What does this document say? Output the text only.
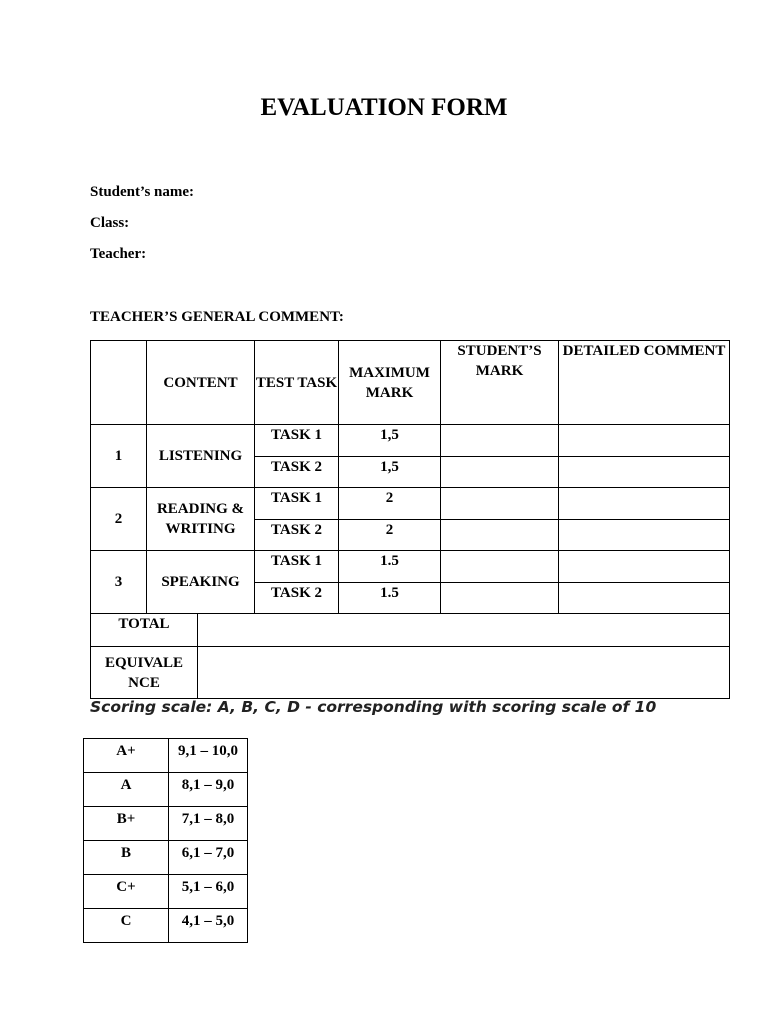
EVALUATION FORM
Student’s name:
Class:
Teacher:
TEACHER’S GENERAL COMMENT:
	CONTENT		TEST TASK	MAXIMUM MARK	STUDENT’S MARK	DETAILED COMMENT
1	LISTENING		TASK 1	1,5		
			TASK 2	1,5		
2	READING & WRITING		TASK 1	2		
			TASK 2	2		
3	SPEAKING		TASK 1	1.5		
			TASK 2	1.5		
TOTAL						
EQUIVALE NCE						
Scoring scale: A, B, C, D - corresponding with scoring scale of 10
A+	9,1 – 10,0
A	8,1 – 9,0
B+	7,1 – 8,0
B	6,1 – 7,0
C+	5,1 – 6,0
C	4,1 – 5,0
